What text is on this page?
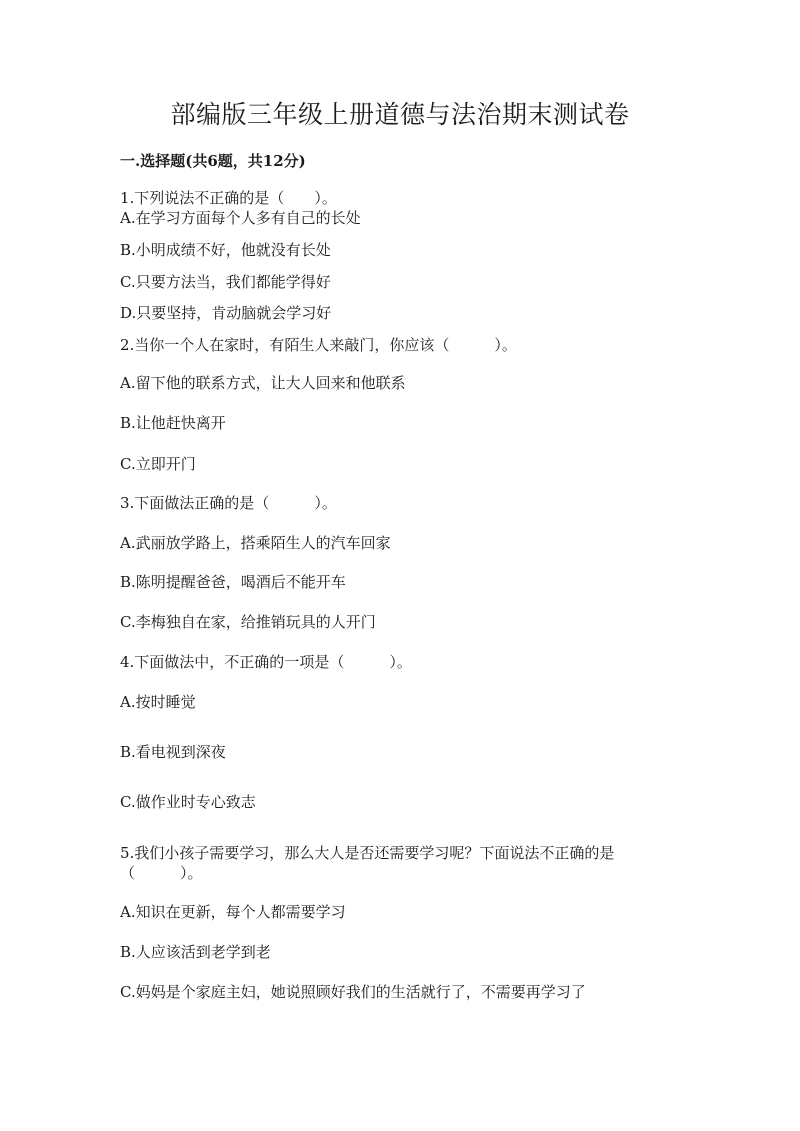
部编版三年级上册道德与法治期末测试卷
一.选择题(共6题，共12分)
1.下列说法不正确的是（　　）。
A.在学习方面每个人多有自己的长处
B.小明成绩不好，他就没有长处
C.只要方法当，我们都能学得好
D.只要坚持，肯动脑就会学习好
2.当你一个人在家时，有陌生人来敲门，你应该（　　　）。
A.留下他的联系方式，让大人回来和他联系
B.让他赶快离开
C.立即开门
3.下面做法正确的是（　　　）。
A.武丽放学路上，搭乘陌生人的汽车回家
B.陈明提醒爸爸，喝酒后不能开车
C.李梅独自在家，给推销玩具的人开门
4.下面做法中，不正确的一项是（　　　）。
A.按时睡觉
B.看电视到深夜
C.做作业时专心致志
5.我们小孩子需要学习，那么大人是否还需要学习呢？下面说法不正确的是
（　　　）。
A.知识在更新，每个人都需要学习
B.人应该活到老学到老
C.妈妈是个家庭主妇，她说照顾好我们的生活就行了，不需要再学习了
